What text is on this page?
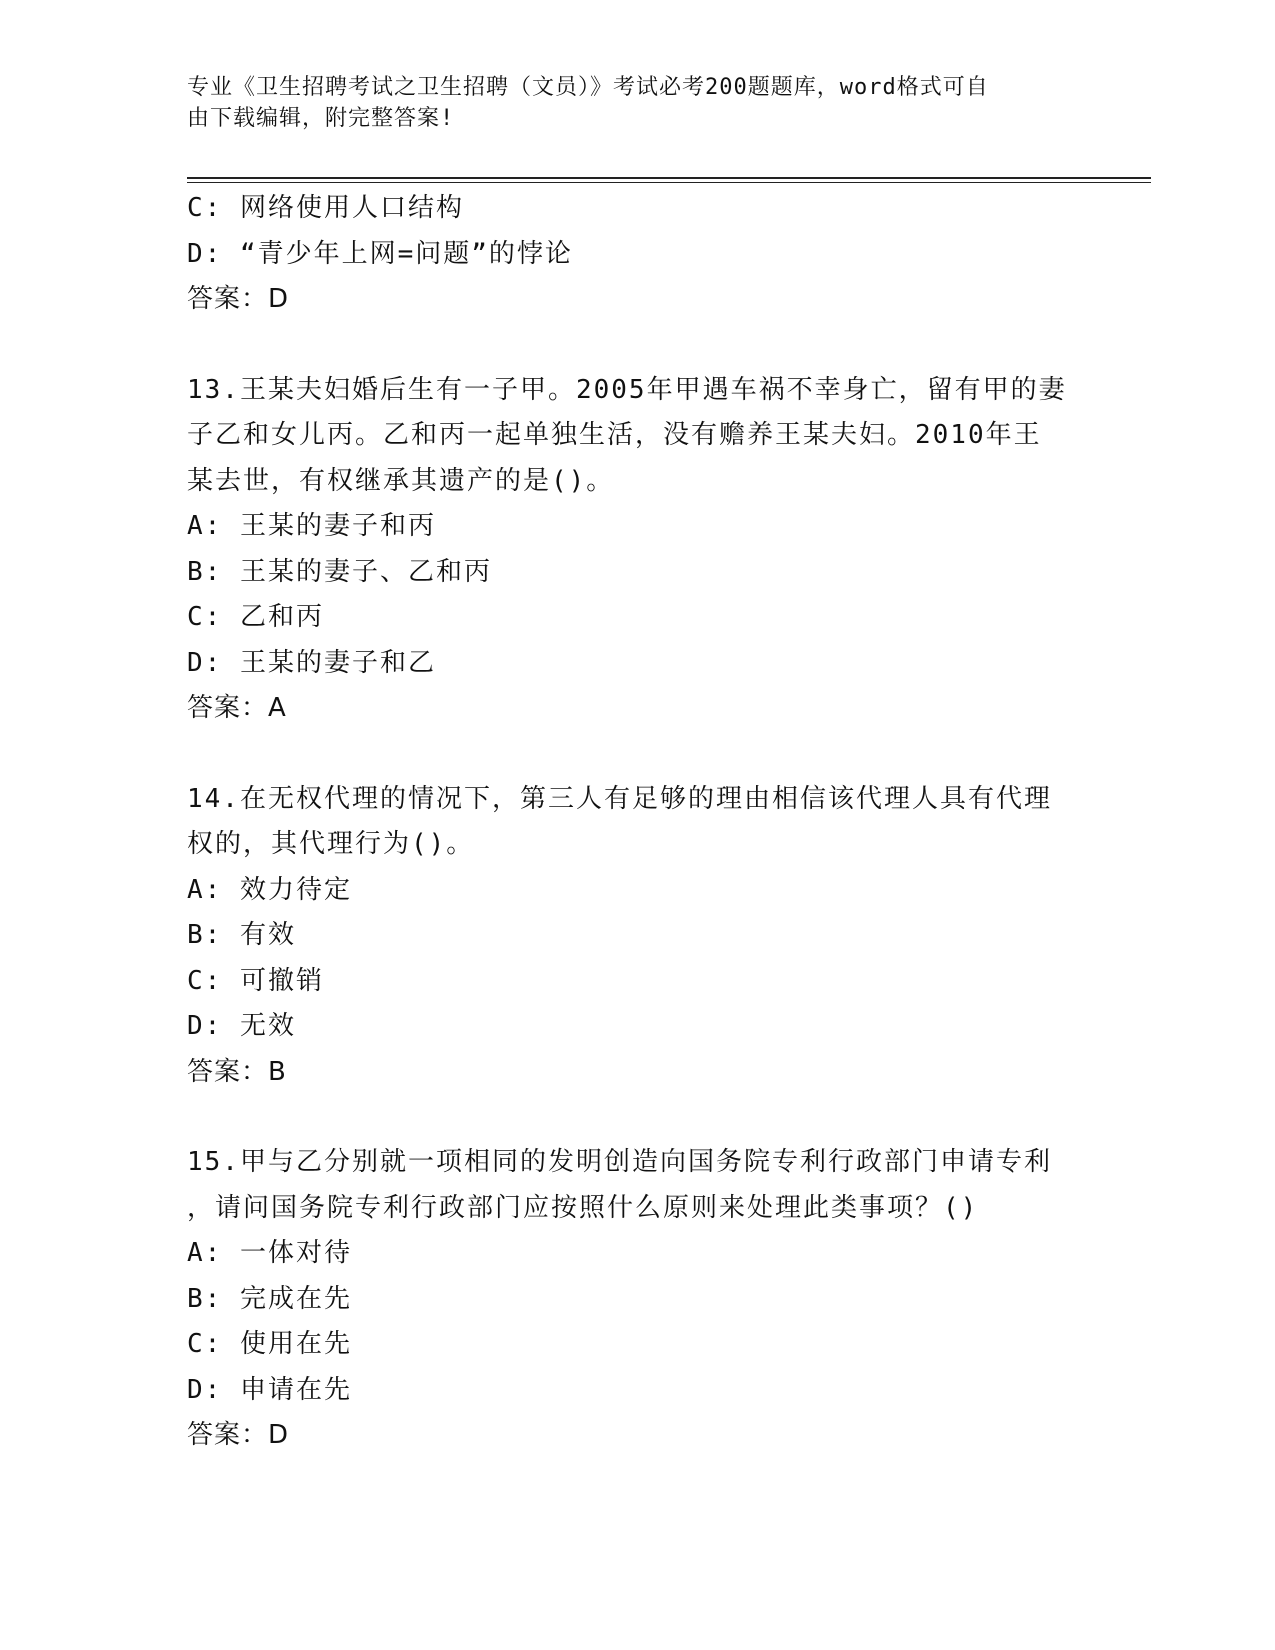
专业《卫生招聘考试之卫生招聘（文员）》考试必考200题题库，word格式可自
由下载编辑，附完整答案!
C: 网络使用人口结构
D: “青少年上网=问题”的悖论
答案：D
13.王某夫妇婚后生有一子甲。2005年甲遇车祸不幸身亡，留有甲的妻
子乙和女儿丙。乙和丙一起单独生活，没有赡养王某夫妇。2010年王
某去世，有权继承其遗产的是()。
A: 王某的妻子和丙
B: 王某的妻子、乙和丙
C: 乙和丙
D: 王某的妻子和乙
答案：A
14.在无权代理的情况下，第三人有足够的理由相信该代理人具有代理
权的，其代理行为()。
A: 效力待定
B: 有效
C: 可撤销
D: 无效
答案：B
15.甲与乙分别就一项相同的发明创造向国务院专利行政部门申请专利
，请问国务院专利行政部门应按照什么原则来处理此类事项？()
A: 一体对待
B: 完成在先
C: 使用在先
D: 申请在先
答案：D
